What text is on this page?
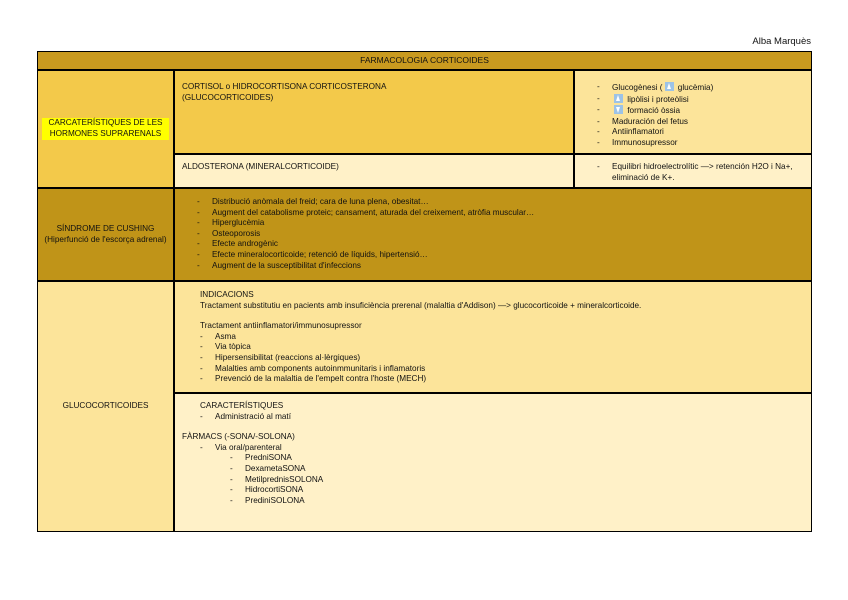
Alba Marquès
FARMACOLOGIA CORTICOIDES
CARCATERÍSTIQUES DE LES HORMONES SUPRARENALS
CORTISOL o HIDROCORTISONA CORTICOSTERONA
(GLUCOCORTICOIDES)
- Glucogènesi ( glucèmia)
- lipòlisi i proteòlisi
- formació òssia
- Maduración del fetus
- Antiinflamatori
- Immunosupressor
ALDOSTERONA (MINERALCORTICOIDE)
-	Equilibri hidroelectrolític —> retención H2O i Na+, eliminació de K+.
SÍNDROME DE CUSHING (Hiperfunció de l'escorça adrenal)
- Distribució anòmala del freid; cara de luna plena, obesitat…
- Augment del catabolisme proteic; cansament, aturada del creixement, atròfia muscular…
- Hiperglucèmia
- Osteoporosis
- Efecte androgènic
- Efecte mineralocorticoide; retenció de líquids, hipertensió…
- Augment de la susceptibilitat d'infeccions
GLUCOCORTICOIDES
INDICACIONS
Tractament substitutiu en pacients amb insuficiència prerenal (malaltia d'Addison) —> glucocorticoide + mineralcorticoide.
Tractament antiinflamatori/immunosupressor
- Asma
- Via tòpica
- Hipersensibilitat (reaccions al·lèrgiques)
- Malalties amb components autoinmmunitaris i inflamatoris
- Prevenció de la malaltia de l'empelt contra l'hoste (MECH)
CARACTERÍSTIQUES
- Administració al matí
FÀRMACS (-SONA/-SOLONA)
- Via oral/parenteral
- PredniSONA
- DexametaSONA
- MetilprednisSOLONA
- HidrocortiSONA
- PrediniSOLONA
